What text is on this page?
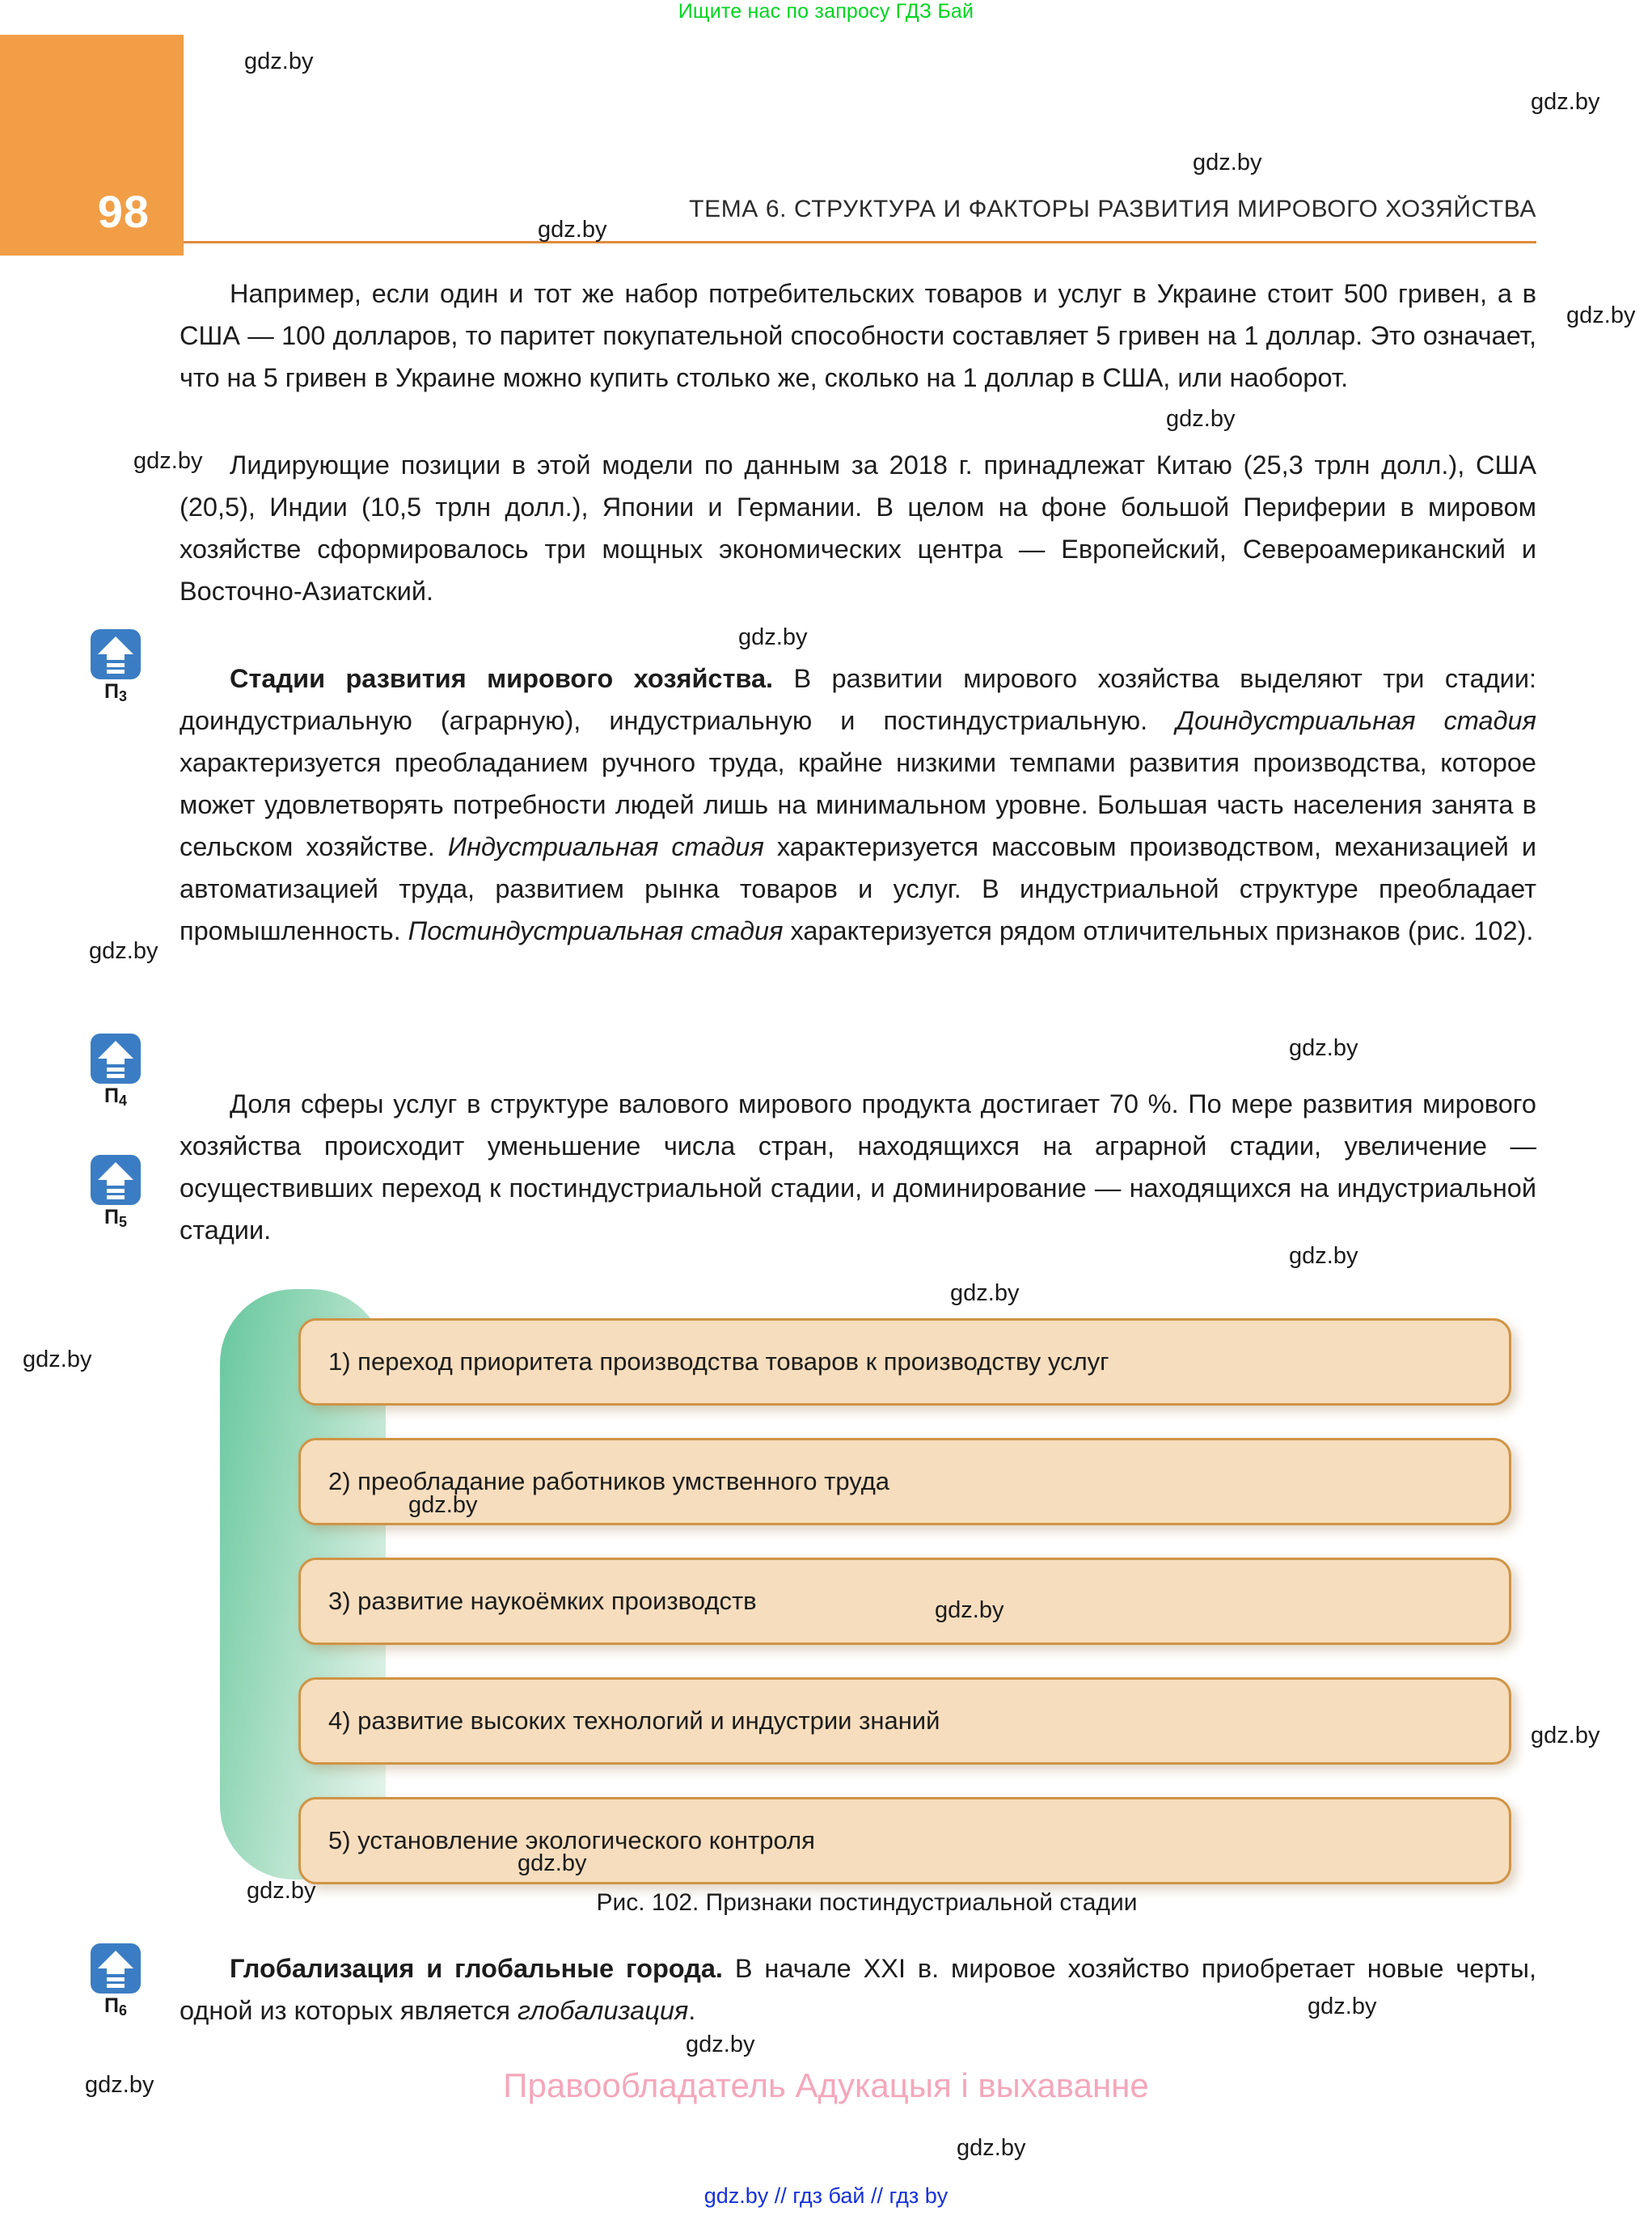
Ищите нас по запросу ГДЗ Бай
98	ТЕМА 6. СТРУКТУРА И ФАКТОРЫ РАЗВИТИЯ МИРОВОГО ХОЗЯЙСТВА

Например, если один и тот же набор потребительских товаров и услуг в Украине стоит 500 гривен, а в США — 100 долларов, то паритет покупательной способности составляет 5 гривен на 1 доллар. Это означает, что на 5 гривен в Украине можно купить столько же, сколько на 1 доллар в США, или наоборот.

Лидирующие позиции в этой модели по данным за 2018 г. принадлежат Китаю (25,3 трлн долл.), США (20,5), Индии (10,5 трлн долл.), Японии и Германии. В целом на фоне большой Периферии в мировом хозяйстве сформировалось три мощных экономических центра — Европейский, Североамериканский и Восточно-Азиатский.

Стадии развития мирового хозяйства. В развитии мирового хозяйства выделяют три стадии: доиндустриальную (аграрную), индустриальную и постиндустриальную. Доиндустриальная стадия характеризуется преобладанием ручного труда, крайне низкими темпами развития производства, которое может удовлетворять потребности людей лишь на минимальном уровне. Большая часть населения занята в сельском хозяйстве. Индустриальная стадия характеризуется массовым производством, механизацией и автоматизацией труда, развитием рынка товаров и услуг. В индустриальной структуре преобладает промышленность. Постиндустриальная стадия характеризуется рядом отличительных признаков (рис. 102).

Доля сферы услуг в структуре валового мирового продукта достигает 70 %. По мере развития мирового хозяйства происходит уменьшение числа стран, находящихся на аграрной стадии, увеличение — осуществивших переход к постиндустриальной стадии, и доминирование — находящихся на индустриальной стадии.

$П_3$
$П_4$
$П_5$
$П_6$
1) переход приоритета производства товаров к производству услуг
2) преобладание работников умственного труда
3) развитие наукоёмких производств
4) развитие высоких технологий и индустрии знаний
5) установление экологического контроля
Рис. 102. Признаки постиндустриальной стадии

Глобализация и глобальные города. В начале XXI в. мировое хозяйство приобретает новые черты, одной из которых является глобализация.

Правообладатель Адукацыя і выхаванне
gdz.by // гдз бай // гдз by
gdz.by
gdz.by
gdz.by
gdz.by
gdz.by
gdz.by
gdz.by
gdz.by
gdz.by
gdz.by
gdz.by
gdz.by
gdz.by
gdz.by
gdz.by
gdz.by
gdz.by
gdz.by
gdz.by
gdz.by
gdz.by
gdz.by
